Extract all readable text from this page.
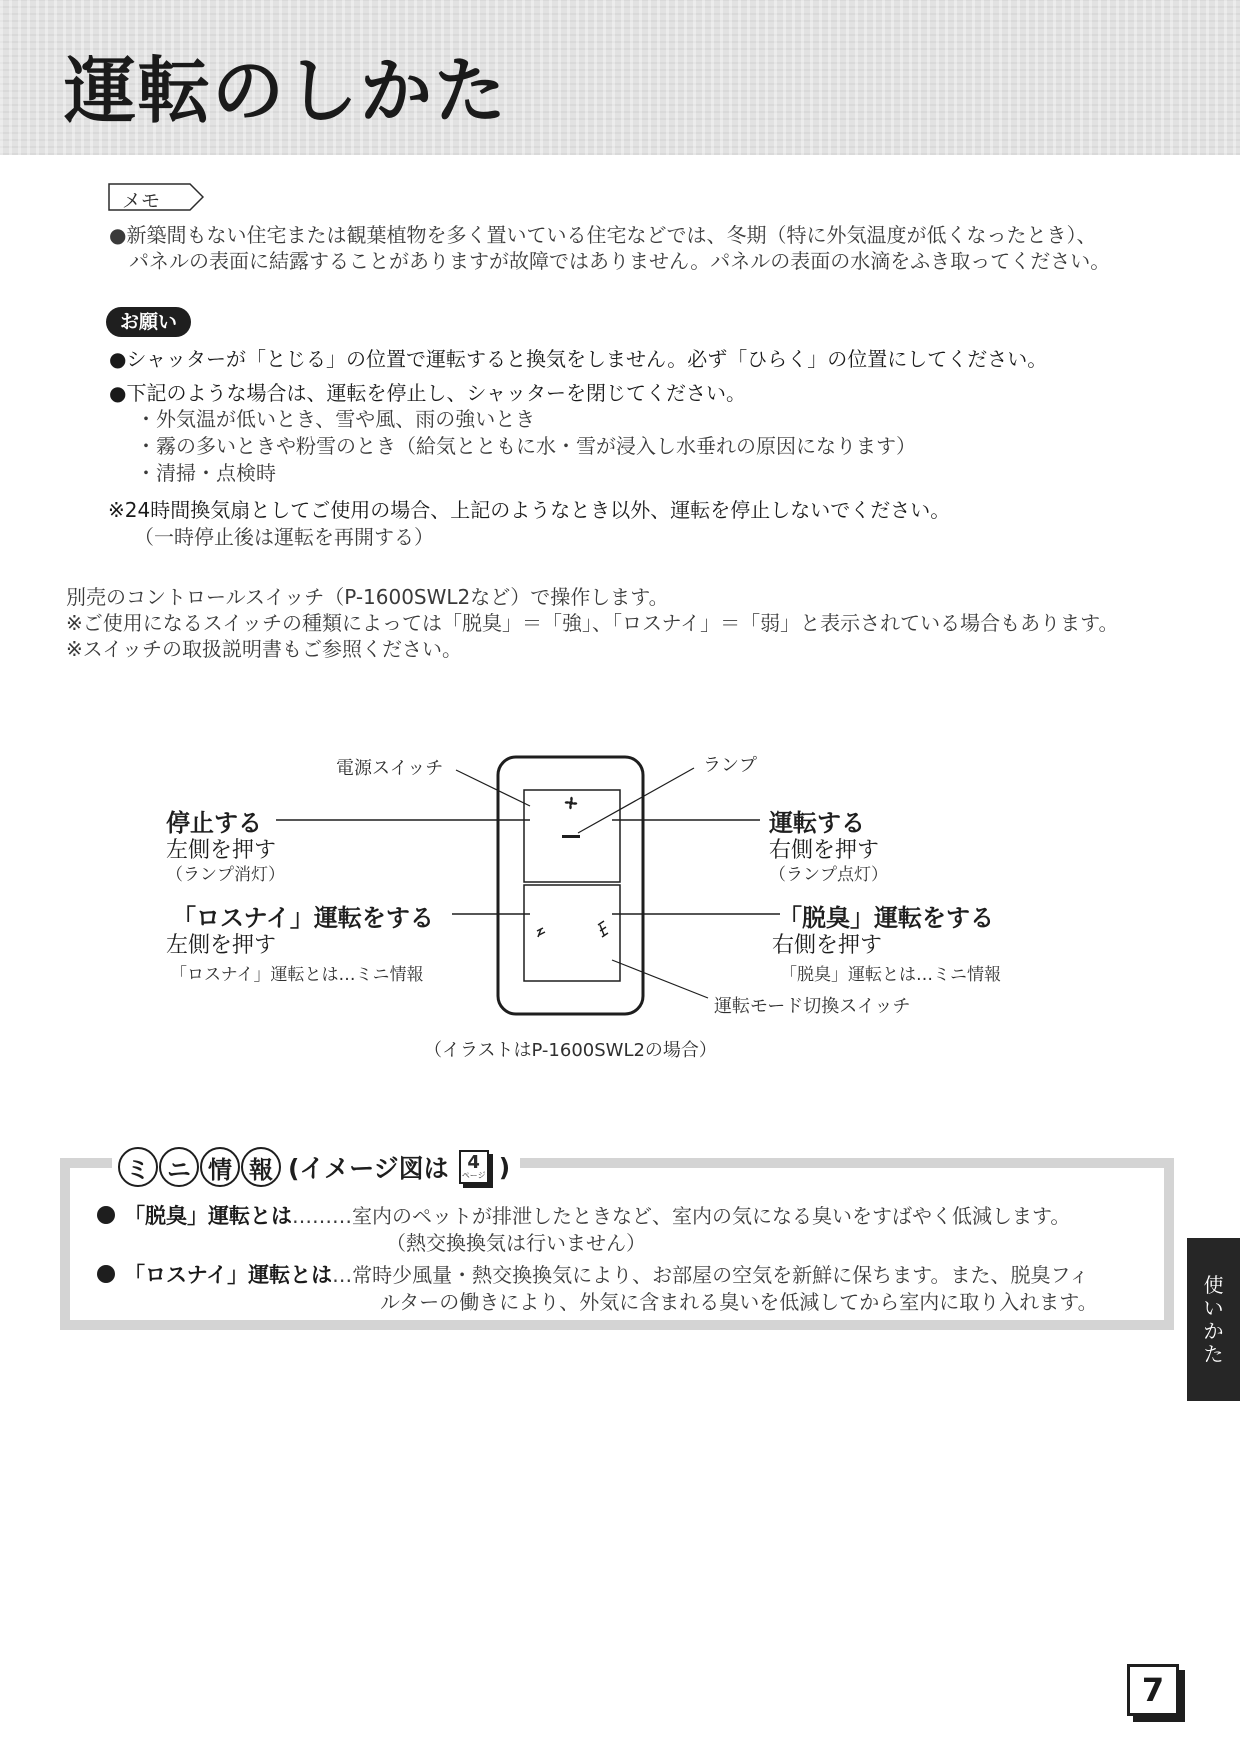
運転のしかた
メモ
●新築間もない住宅または観葉植物を多く置いている住宅などでは、冬期（特に外気温度が低くなったとき）、
パネルの表面に結露することがありますが故障ではありません。パネルの表面の水滴をふき取ってください。
お願い
●シャッターが「とじる」の位置で運転すると換気をしません。必ず「ひらく」の位置にしてください。
●下記のような場合は、運転を停止し、シャッターを閉じてください。
・外気温が低いとき、雪や風、雨の強いとき
・霧の多いときや粉雪のとき（給気とともに水・雪が浸入し水垂れの原因になります）
・清掃・点検時
※24時間換気扇としてご使用の場合、上記のようなとき以外、運転を停止しないでください。
（一時停止後は運転を再開する）
別売のコントロールスイッチ（P-1600SWL2など）で操作します。
※ご使用になるスイッチの種類によっては「脱臭」＝「強」、「ロスナイ」＝「弱」と表示されている場合もあります。
※スイッチの取扱説明書もご参照ください。
電源スイッチ	ランプ
停止する
左側を押す
（ランプ消灯）
運転する
右側を押す
（ランプ点灯）
「ロスナイ」運転をする
左側を押す
「ロスナイ」運転とは…ミニ情報
「脱臭」運転をする
右側を押す
「脱臭」運転とは…ミニ情報
運転モード切換スイッチ
（イラストはP-1600SWL2の場合）
ミ ニ 情 報 (イメージ図は 4
ページ )
「脱臭」運転とは………室内のペットが排泄したときなど、室内の気になる臭いをすばやく低減します。
（熱交換換気は行いません）
「ロスナイ」運転とは…常時少風量・熱交換換気により、お部屋の空気を新鮮に保ちます。また、脱臭フィ
ルターの働きにより、外気に含まれる臭いを低減してから室内に取り入れます。
使
い
か
た
7
